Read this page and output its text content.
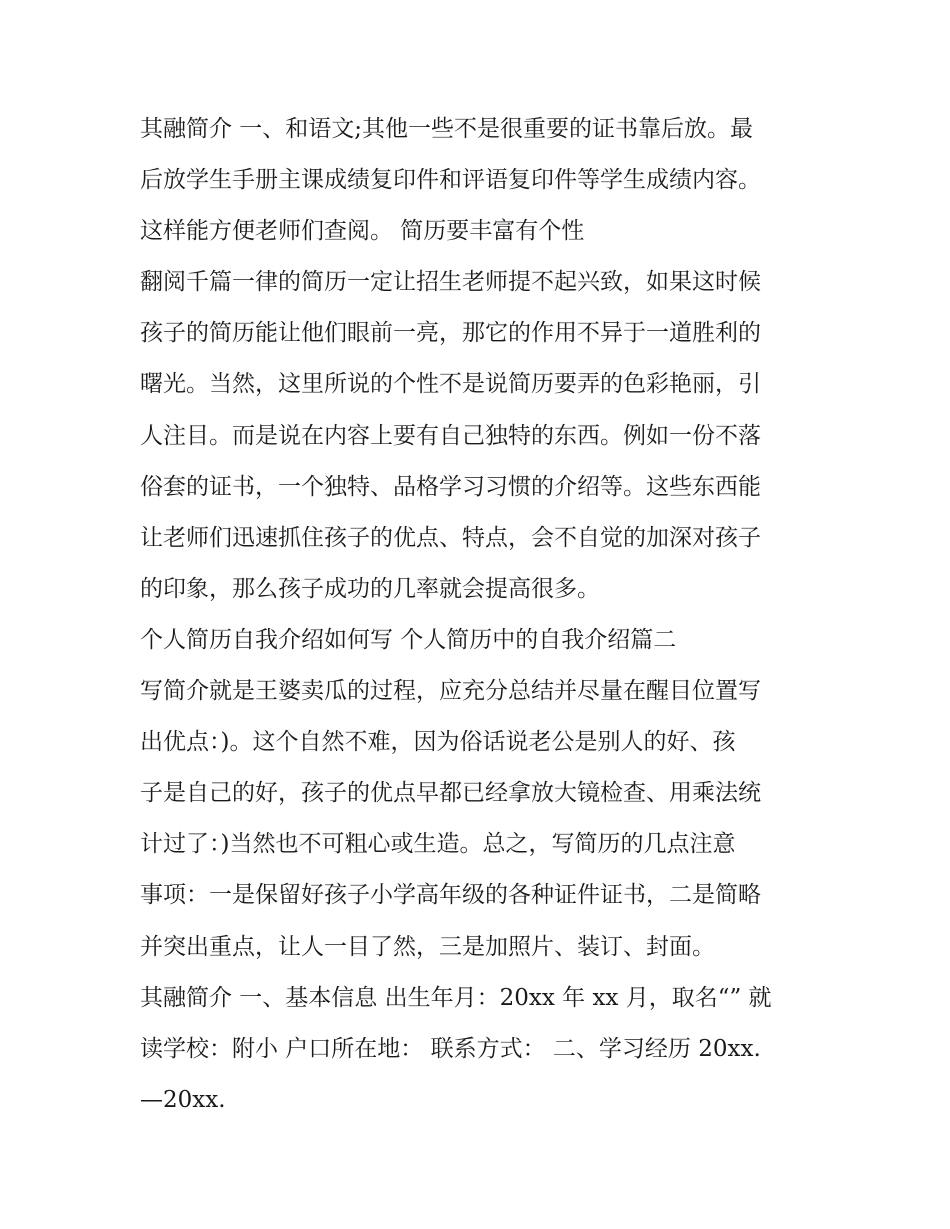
其融简介 一、和语文;其他一些不是很重要的证书靠后放。最
后放学生手册主课成绩复印件和评语复印件等学生成绩内容。
这样能方便老师们查阅。 简历要丰富有个性
翻阅千篇一律的简历一定让招生老师提不起兴致，如果这时候
孩子的简历能让他们眼前一亮，那它的作用不异于一道胜利的
曙光。当然，这里所说的个性不是说简历要弄的色彩艳丽，引
人注目。而是说在内容上要有自己独特的东西。例如一份不落
俗套的证书，一个独特、品格学习习惯的介绍等。这些东西能
让老师们迅速抓住孩子的优点、特点，会不自觉的加深对孩子
的印象，那么孩子成功的几率就会提高很多。
个人简历自我介绍如何写 个人简历中的自我介绍篇二
写简介就是王婆卖瓜的过程，应充分总结并尽量在醒目位置写
出优点：)。这个自然不难，因为俗话说老公是别人的好、孩
子是自己的好，孩子的优点早都已经拿放大镜检查、用乘法统
计过了：)当然也不可粗心或生造。总之，写简历的几点注意
事项：一是保留好孩子小学高年级的各种证件证书，二是简略
并突出重点，让人一目了然，三是加照片、装订、封面。
其融简介 一、基本信息 出生年月：20xx 年 xx 月，取名“” 就
读学校：附小 户口所在地： 联系方式： 二、学习经历 20xx.
—20xx.
